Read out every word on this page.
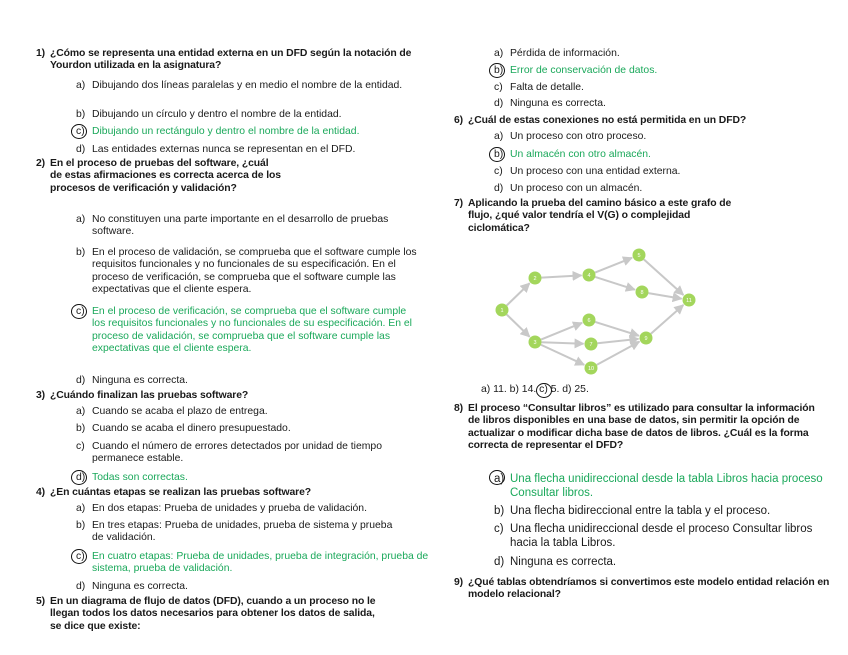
1) ¿Cómo se representa una entidad externa en un DFD según la notación de Yourdon utilizada en la asignatura?
a) Dibujando dos líneas paralelas y en medio el nombre de la entidad.
b) Dibujando un círculo y dentro el nombre de la entidad.
c) Dibujando un rectángulo y dentro el nombre de la entidad.
d) Las entidades externas nunca se representan en el DFD.
2) En el proceso de pruebas del software, ¿cuál de estas afirmaciones es correcta acerca de los procesos de verificación y validación?
a) No constituyen una parte importante en el desarrollo de pruebas software.
b) En el proceso de validación, se comprueba que el software cumple los requisitos funcionales y no funcionales de su especificación. En el proceso de verificación, se comprueba que el software cumple las expectativas que el cliente espera.
c) En el proceso de verificación, se comprueba que el software cumple los requisitos funcionales y no funcionales de su especificación. En el proceso de validación, se comprueba que el software cumple las expectativas que el cliente espera.
d) Ninguna es correcta.
3) ¿Cuándo finalizan las pruebas software?
a) Cuando se acaba el plazo de entrega.
b) Cuando se acaba el dinero presupuestado.
c) Cuando el número de errores detectados por unidad de tiempo permanece estable.
d) Todas son correctas.
4) ¿En cuántas etapas se realizan las pruebas software?
a) En dos etapas: Prueba de unidades y prueba de validación.
b) En tres etapas: Prueba de unidades, prueba de sistema y prueba de validación.
c) En cuatro etapas: Prueba de unidades, prueba de integración, prueba de sistema, prueba de validación.
d) Ninguna es correcta.
5) En un diagrama de flujo de datos (DFD), cuando a un proceso no le llegan todos los datos necesarios para obtener los datos de salida, se dice que existe:
a) Pérdida de información.
b) Error de conservación de datos.
c) Falta de detalle.
d) Ninguna es correcta.
6) ¿Cuál de estas conexiones no está permitida en un DFD?
a) Un proceso con otro proceso.
b) Un almacén con otro almacén.
c) Un proceso con una entidad externa.
d) Un proceso con un almacén.
7) Aplicando la prueba del camino básico a este grafo de flujo, ¿qué valor tendría el V(G) o complejidad ciclomática?
8) El proceso “Consultar libros” es utilizado para consultar la información de libros disponibles en una base de datos, sin permitir la opción de actualizar o modificar dicha base de datos de libros. ¿Cuál es la forma correcta de representar el DFD?
a) Una flecha unidireccional desde la tabla Libros hacia proceso Consultar libros.
b) Una flecha bidireccional entre la tabla y el proceso.
c) Una flecha unidireccional desde el proceso Consultar libros hacia la tabla Libros.
d) Ninguna es correcta.
9) ¿Qué tablas obtendríamos si convertimos este modelo entidad relación en modelo relacional?
1
2
3
4
5
6
7
8
9
10
11
a) 11. b) 14. c) 5. d) 25.
